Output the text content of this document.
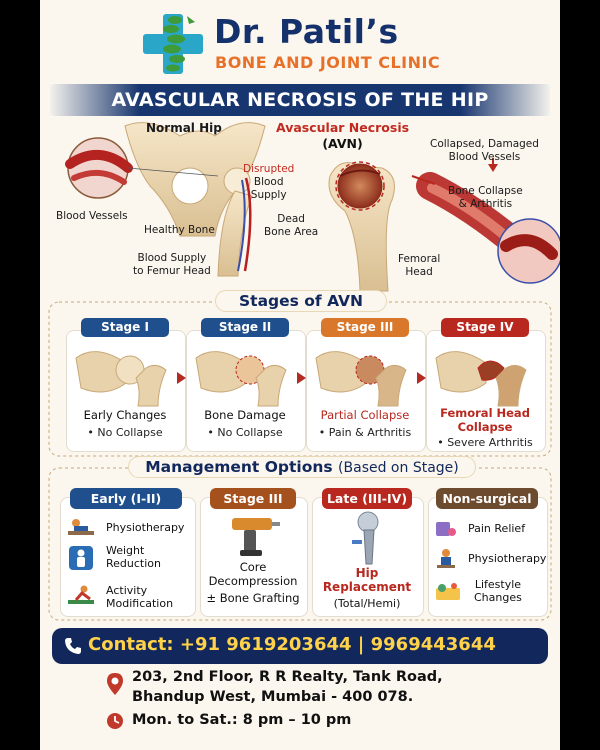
Dr. Patil’s
BONE AND JOINT CLINIC
AVASCULAR NECROSIS OF THE HIP
Normal Hip	Avascular Necrosis
(AVN)
Blood Vessels
Healthy Bone
Blood Supply
to Femur Head
Disrupted
Blood
Supply
Dead
Bone Area
Collapsed, Damaged
Blood Vessels
Bone Collapse
& Arthritis
Femoral
Head
Stages of AVN
Stage I	Stage II	Stage III	Stage IV
Early Changes
• No Collapse
Bone Damage
• No Collapse
Partial Collapse
• Pain & Arthritis
Femoral Head
Collapse
• Severe Arthritis
Management Options (Based on Stage)
Early (I-II)	Stage III	Late (III-IV)	Non-surgical
Physiotherapy
Weight
Reduction
Activity
Modification
Core
Decompression
± Bone Grafting
Hip
Replacement
(Total/Hemi)
Pain Relief
Physiotherapy
Lifestyle
Changes
Contact: +91 9619203644 | 9969443644
203, 2nd Floor, R R Realty, Tank Road,
Bhandup West, Mumbai - 400 078.
Mon. to Sat.: 8 pm – 10 pm
